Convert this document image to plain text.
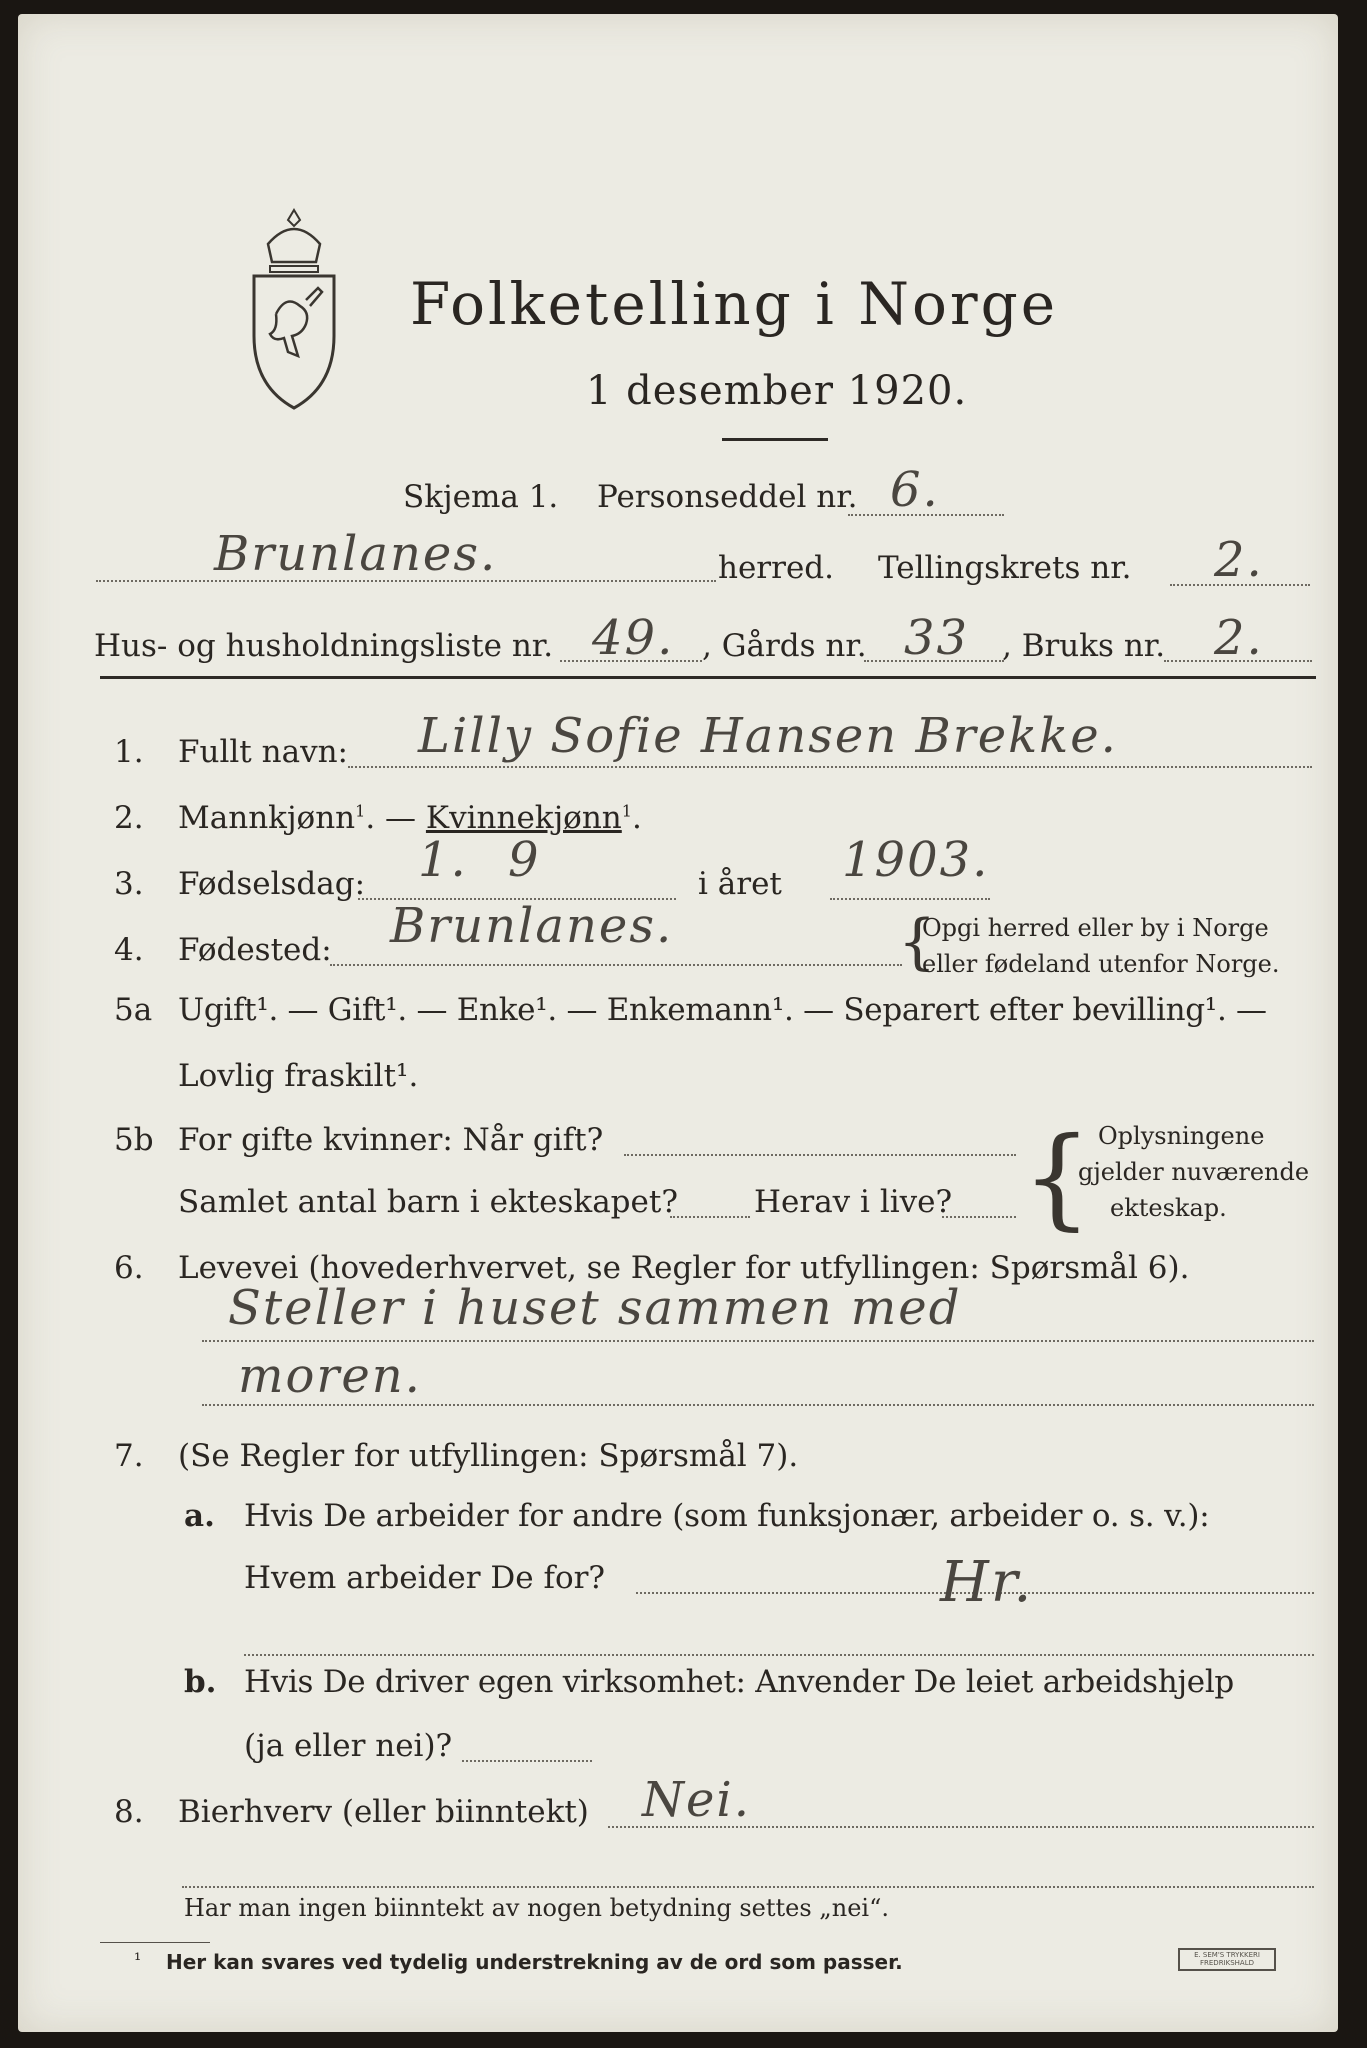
Folketelling i Norge
1 desember 1920.
Skjema 1. Personseddel nr. 6.
Brunlanes.	herred. Tellingskrets nr. 2.
Hus- og husholdningsliste nr. 49. , Gårds nr. 33 , Bruks nr. 2.
1. Fullt navn: Lilly Sofie Hansen Brekke.
2. Mannkjønn$^1$. — Kvinnekjønn$^1$.
3. Fødselsdag: 1. 9	i året 1903.
4. Fødested: Brunlanes.	{
Opgi herred eller by i Norge
eller fødeland utenfor Norge.
5a Ugift¹. — Gift¹. — Enke¹. — Enkemann¹. — Separert efter bevilling¹. —
Lovlig fraskilt¹.
5b For gifte kvinner: Når gift?
Samlet antal barn i ekteskapet? Herav i live? { Oplysningene
gjelder nuværende
ekteskap.
6. Levevei (hovederhvervet, se Regler for utfyllingen: Spørsmål 6).
Steller i huset sammen med
moren.
7. (Se Regler for utfyllingen: Spørsmål 7).
a. Hvis De arbeider for andre (som funksjonær, arbeider o. s. v.):
Hvem arbeider De for?	Hr.
b. Hvis De driver egen virksomhet: Anvender De leiet arbeidshjelp
(ja eller nei)?
8. Bierhverv (eller biinntekt) Nei.
Har man ingen biinntekt av nogen betydning settes „nei“.
¹ Her kan svares ved tydelig understrekning av de ord som passer.	E. SEM'S TRYKKERI FREDRIKSHALD
